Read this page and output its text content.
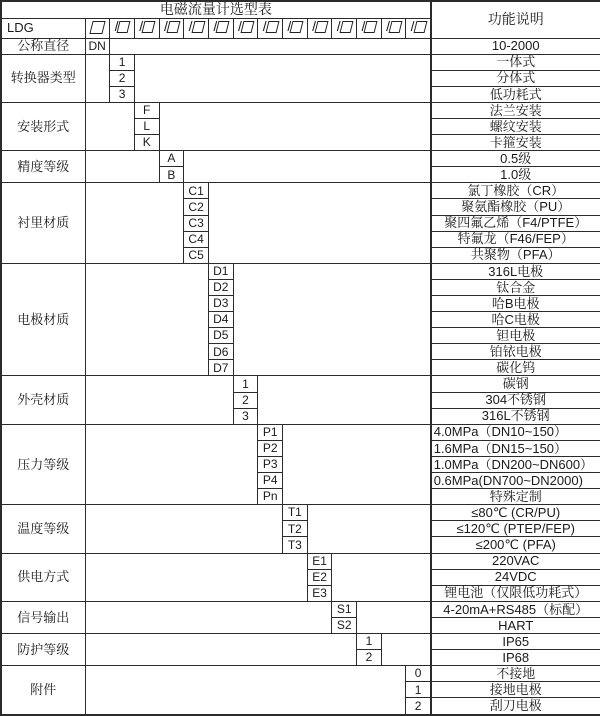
电磁流量计选型表															功能说明
LDG		/	/	/	/	/	/	/	/	/	/	/	/	/	
公称直径	DN														10-2000
转换器类型		1													一体式
		2													分体式
		3													低功耗式
安装形式			F												法兰安装
			L												螺纹安装
			K												卡箍安装
精度等级				A											0.5级
				B											1.0级
衬里材质					C1										氯丁橡胶（CR）
					C2										聚氨酯橡胶（PU）
					C3										聚四氟乙烯（F4/PTFE）
					C4										特氟龙（F46/FEP）
					C5										共聚物（PFA）
电极材质						D1									316L电极
						D2									钛合金
						D3									哈B电极
						D4									哈C电极
						D5									钽电极
						D6									铂铱电极
						D7									碳化钨
外壳材质							1								碳钢
							2								304不锈钢
							3								316L不锈钢
压力等级								P1							4.0MPa（DN10~150）
								P2							1.6MPa（DN15~150）
								P3							1.0MPa（DN200~DN600）
								P4							0.6MPa(DN700~DN2000)
								Pn							特殊定制
温度等级									T1						≤80℃ (CR/PU)
									T2						≤120℃ (PTEP/FEP)
									T3						≤200℃ (PFA)
供电方式										E1					220VAC
										E2					24VDC
										E3					锂电池（仅限低功耗式）
信号输出											S1				4-20mA+RS485（标配）
											S2				HART
防护等级												1			IP65
												2			IP68
附件														0	不接地
														1	接地电极
														2	刮刀电极
